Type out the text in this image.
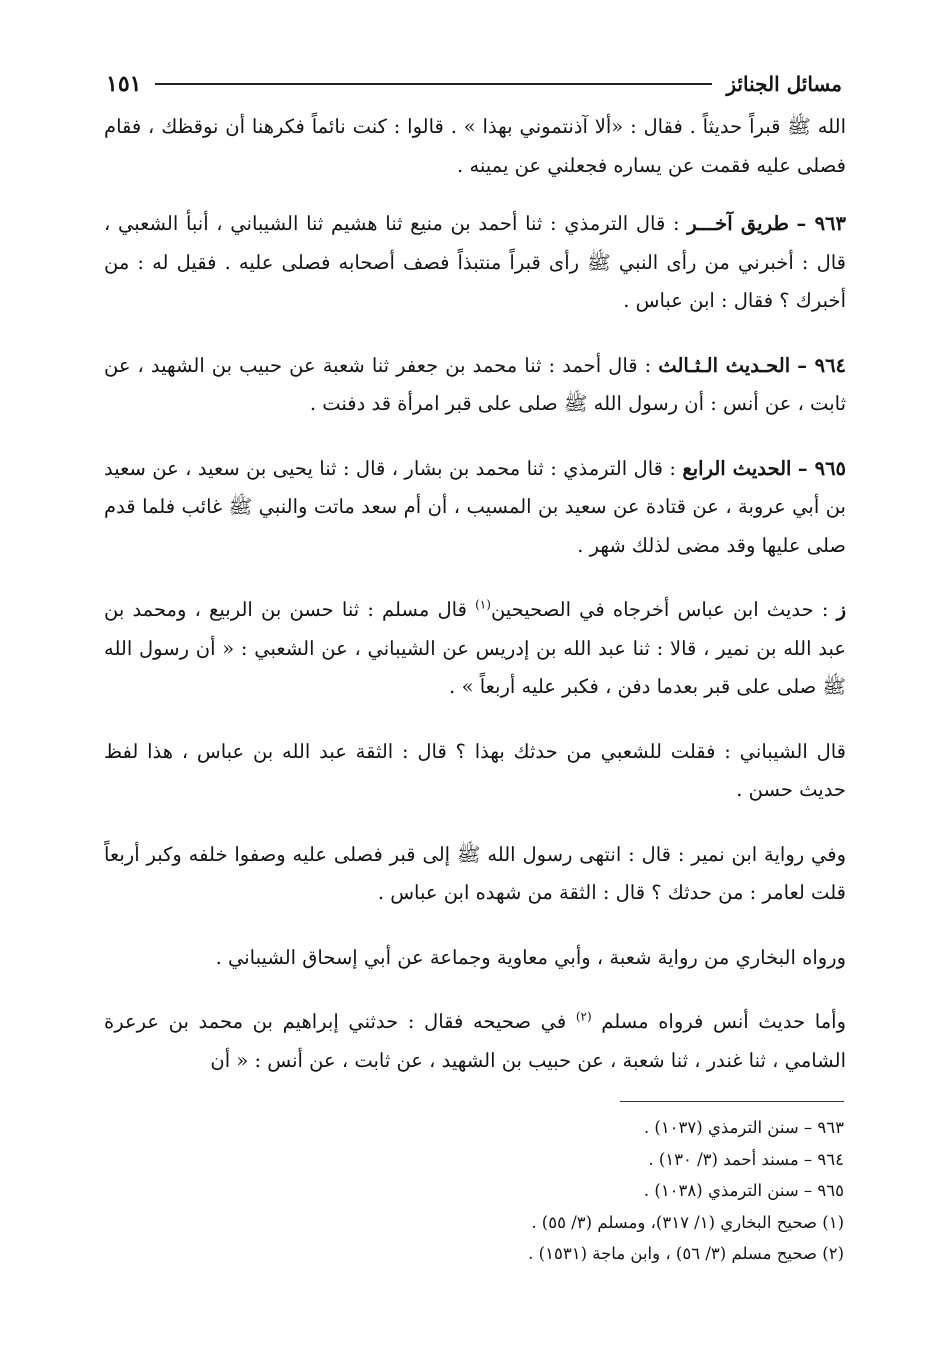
مسائل الجنائز
١٥١

الله ﷺ قبراً حديثاً . فقال : «ألا آذنتموني بهذا » . قالوا : كنت نائماً فكرهنا أن نوقظك ، فقام فصلى عليه فقمت عن يساره فجعلني عن يمينه .

٩٦٣ – طريق آخـــر : قال الترمذي : ثنا أحمد بن منيع ثنا هشيم ثنا الشيباني ، أنبأ الشعبي ، قال : أخبرني من رأى النبي ﷺ رأى قبراً منتبذاً فصف أصحابه فصلى عليه . فقيل له : من أخبرك ؟ فقال : ابن عباس .

٩٦٤ – الحـديث الـثـالث : قال أحمد : ثنا محمد بن جعفر ثنا شعبة عن حبيب بن الشهيد ، عن ثابت ، عن أنس : أن رسول الله ﷺ صلى على قبر امرأة قد دفنت .

٩٦٥ – الحديث الرابع : قال الترمذي : ثنا محمد بن بشار ، قال : ثنا يحيى بن سعيد ، عن سعيد بن أبي عروبة ، عن قتادة عن سعيد بن المسيب ، أن أم سعد ماتت والنبي ﷺ غائب فلما قدم صلى عليها وقد مضى لذلك شهر .

ز : حديث ابن عباس أخرجاه في الصحيحين$^{(١)}$ قال مسلم : ثنا حسن بن الربيع ، ومحمد بن عبد الله بن نمير ، قالا : ثنا عبد الله بن إدريس عن الشيباني ، عن الشعبي : « أن رسول الله ﷺ صلى على قبر بعدما دفن ، فكبر عليه أربعاً » .

قال الشيباني : فقلت للشعبي من حدثك بهذا ؟ قال : الثقة عبد الله بن عباس ، هذا لفظ حديث حسن .

وفي رواية ابن نمير : قال : انتهى رسول الله ﷺ إلى قبر فصلى عليه وصفوا خلفه وكبر أربعاً قلت لعامر : من حدثك ؟ قال : الثقة من شهده ابن عباس .

ورواه البخاري من رواية شعبة ، وأبي معاوية وجماعة عن أبي إسحاق الشيباني .

وأما حديث أنس فرواه مسلم $^{(٢)}$ في صحيحه فقال : حدثني إبراهيم بن محمد بن عرعرة الشامي ، ثنا غندر ، ثنا شعبة ، عن حبيب بن الشهيد ، عن ثابت ، عن أنس : « أن

٩٦٣ – سنن الترمذي (١٠٣٧) .
٩٦٤ – مسند أحمد (٣/ ١٣٠) .
٩٦٥ – سنن الترمذي (١٠٣٨) .
(١) صحيح البخاري (١/ ٣١٧)، ومسلم (٣/ ٥٥) .
(٢) صحيح مسلم (٣/ ٥٦) ، وابن ماجة (١٥٣١) .
